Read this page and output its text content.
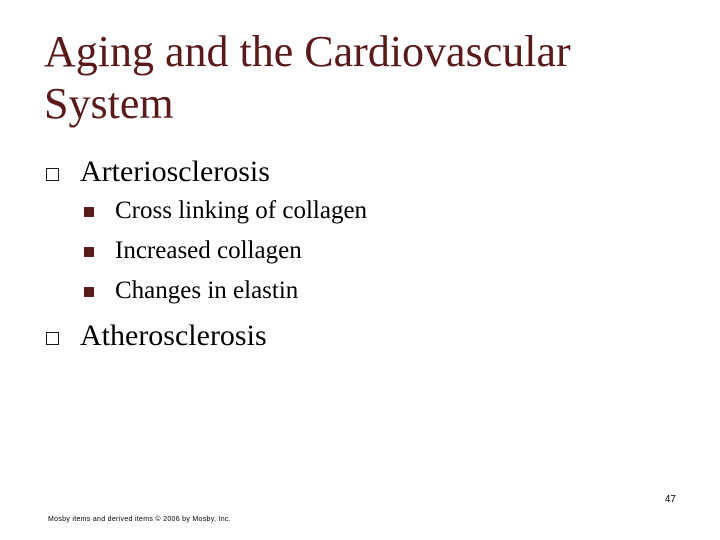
Aging and the Cardiovascular
System
Arteriosclerosis
Cross linking of collagen
Increased collagen
Changes in elastin
Atherosclerosis
47
Mosby items and derived items © 2006 by Mosby, Inc.
